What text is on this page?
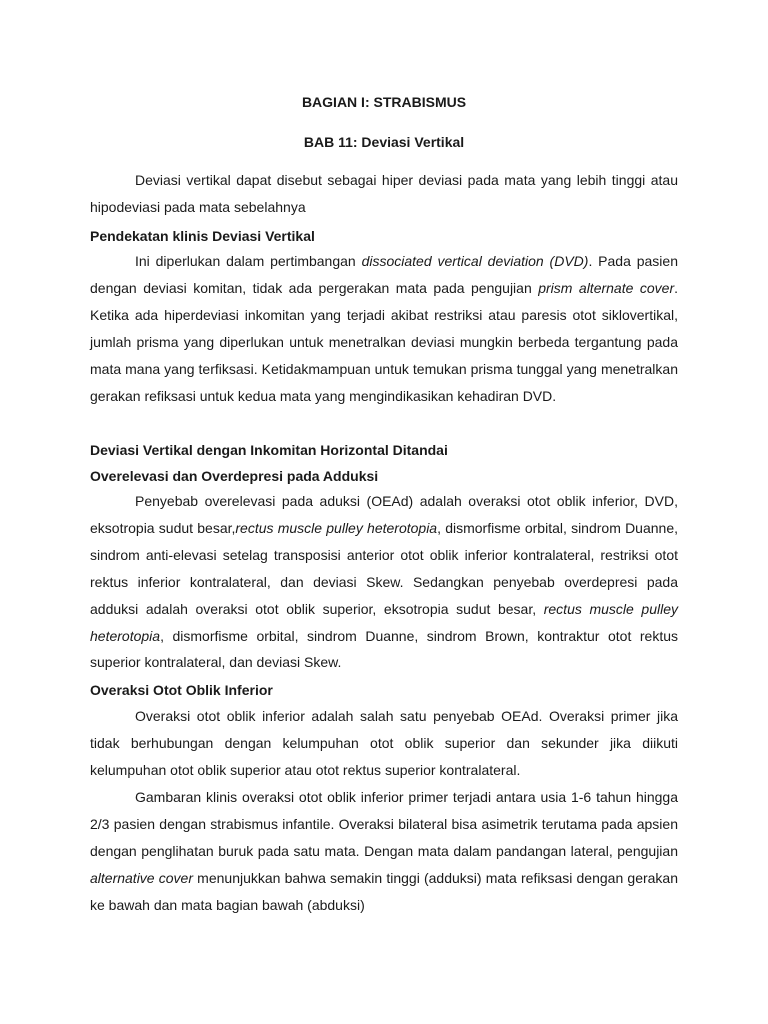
BAGIAN I: STRABISMUS
BAB 11: Deviasi Vertikal

Deviasi vertikal dapat disebut sebagai hiper deviasi pada mata yang lebih tinggi atau hipodeviasi pada mata sebelahnya

Pendekatan klinis Deviasi Vertikal

Ini diperlukan dalam pertimbangan dissociated vertical deviation (DVD). Pada pasien dengan deviasi komitan, tidak ada pergerakan mata pada pengujian prism alternate cover. Ketika ada hiperdeviasi inkomitan yang terjadi akibat restriksi atau paresis otot siklovertikal, jumlah prisma yang diperlukan untuk menetralkan deviasi mungkin berbeda tergantung pada mata mana yang terfiksasi. Ketidakmampuan untuk temukan prisma tunggal yang menetralkan gerakan refiksasi untuk kedua mata yang mengindikasikan kehadiran DVD.

Deviasi Vertikal dengan Inkomitan Horizontal Ditandai
Overelevasi dan Overdepresi pada Adduksi

Penyebab overelevasi pada aduksi (OEAd) adalah overaksi otot oblik inferior, DVD, eksotropia sudut besar,rectus muscle pulley heterotopia, dismorfisme orbital, sindrom Duanne, sindrom anti-elevasi setelag transposisi anterior otot oblik inferior kontralateral, restriksi otot rektus inferior kontralateral, dan deviasi Skew. Sedangkan penyebab overdepresi pada adduksi adalah overaksi otot oblik superior, eksotropia sudut besar, rectus muscle pulley heterotopia, dismorfisme orbital, sindrom Duanne, sindrom Brown, kontraktur otot rektus superior kontralateral, dan deviasi Skew.

Overaksi Otot Oblik Inferior

Overaksi otot oblik inferior adalah salah satu penyebab OEAd. Overaksi primer jika tidak berhubungan dengan kelumpuhan otot oblik superior dan sekunder jika diikuti kelumpuhan otot oblik superior atau otot rektus superior kontralateral.

Gambaran klinis overaksi otot oblik inferior primer terjadi antara usia 1-6 tahun hingga 2/3 pasien dengan strabismus infantile. Overaksi bilateral bisa asimetrik terutama pada apsien dengan penglihatan buruk pada satu mata. Dengan mata dalam pandangan lateral, pengujian alternative cover menunjukkan bahwa semakin tinggi (adduksi) mata refiksasi dengan gerakan ke bawah dan mata bagian bawah (abduksi)
